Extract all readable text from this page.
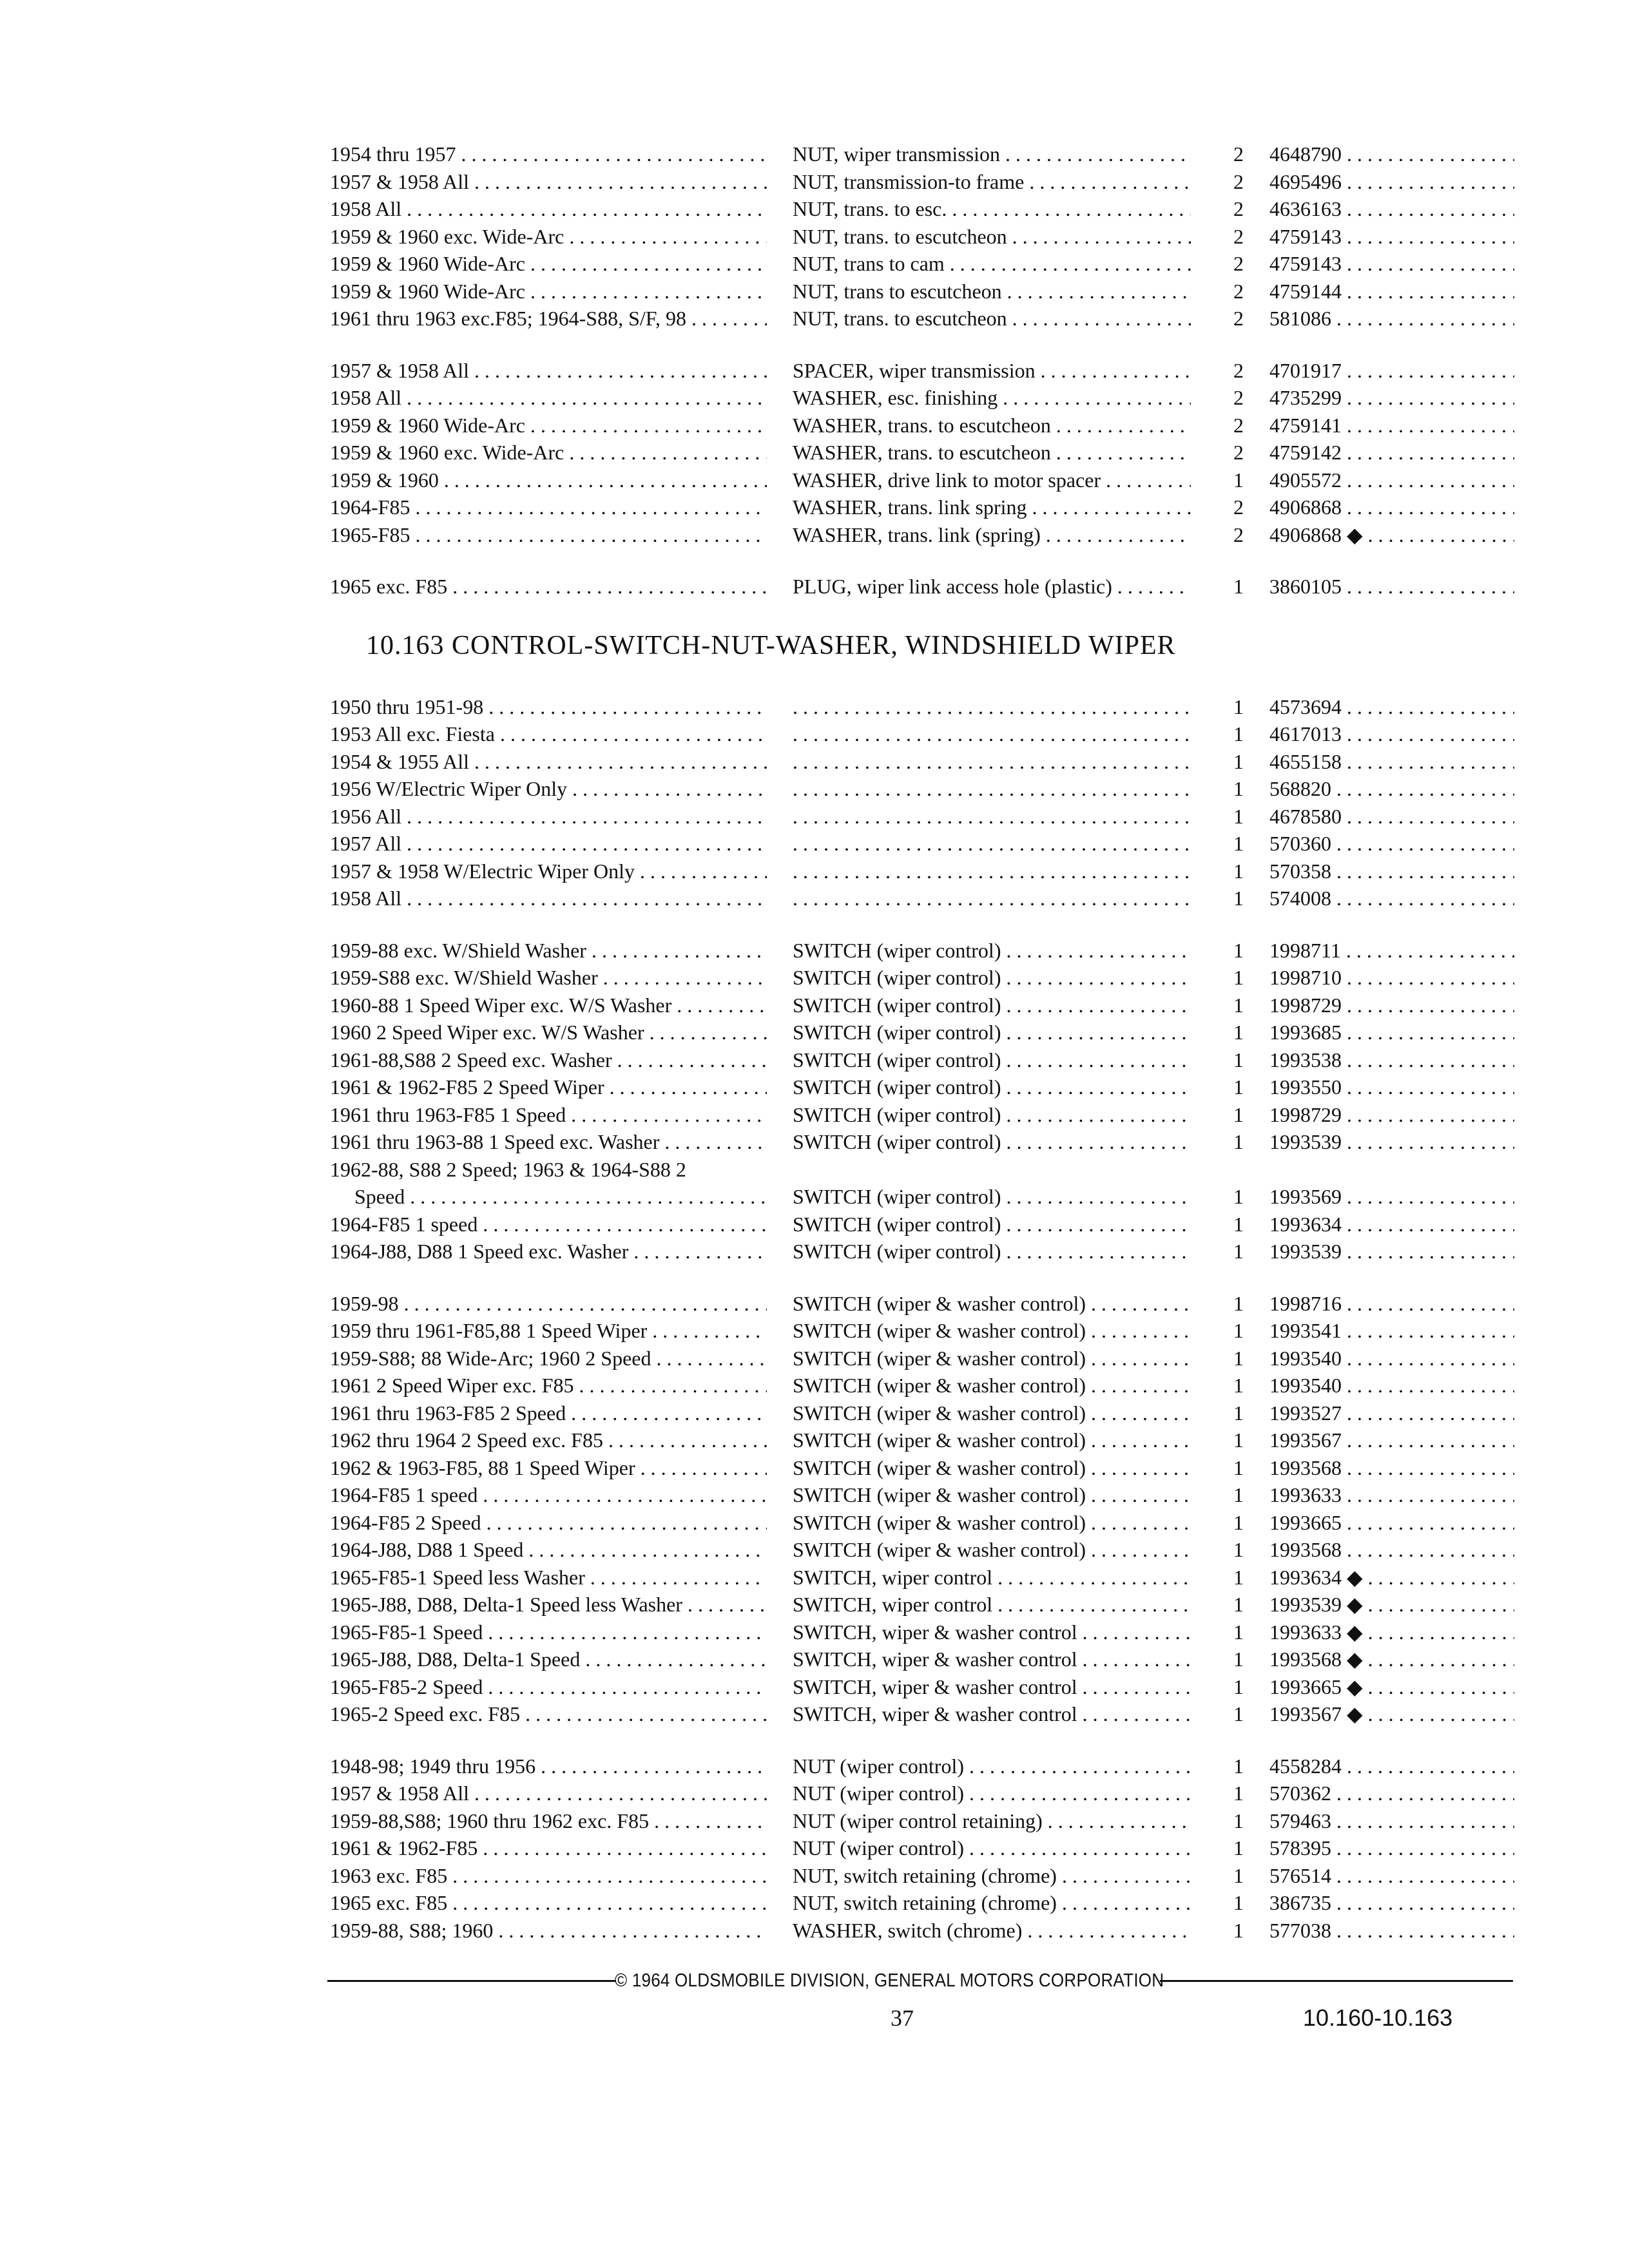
1954 thru 1957 . . .	NUT, wiper transmission . . .	2	4648790 . . .
1957 & 1958 All . . .	NUT, transmission-to frame . . .	2	4695496 . . .
1958 All . . .	NUT, trans. to esc. . . .	2	4636163 . . .
1959 & 1960 exc. Wide-Arc . . .	NUT, trans. to escutcheon . . .	2	4759143 . . .
1959 & 1960 Wide-Arc . . .	NUT, trans to cam . . .	2	4759143 . . .
1959 & 1960 Wide-Arc . . .	NUT, trans to escutcheon . . .	2	4759144 . . .
1961 thru 1963 exc.F85; 1964-S88, S/F, 98 . . .	NUT, trans. to escutcheon . . .	2	581086 . . .
1957 & 1958 All . . .	SPACER, wiper transmission . . .	2	4701917 . . .
1958 All . . .	WASHER, esc. finishing . . .	2	4735299 . . .
1959 & 1960 Wide-Arc . . .	WASHER, trans. to escutcheon . . .	2	4759141 . . .
1959 & 1960 exc. Wide-Arc . . .	WASHER, trans. to escutcheon . . .	2	4759142 . . .
1959 & 1960 . . .	WASHER, drive link to motor spacer . . .	1	4905572 . . .
1964-F85 . . .	WASHER, trans. link spring . . .	2	4906868 . . .
1965-F85 . . .	WASHER, trans. link (spring) . . .	2	4906868 ◆ . . .
1965 exc. F85 . . .	PLUG, wiper link access hole (plastic) . . .	1	3860105 . . .
10.163 CONTROL-SWITCH-NUT-WASHER, WINDSHIELD WIPER
1950 thru 1951-98 . . . . . .	1	4573694 . . .
1953 All exc. Fiesta . . . . . .	1	4617013 . . .
1954 & 1955 All . . . . . .	1	4655158 . . .
1956 W/Electric Wiper Only . . . . . .	1	568820 . . .
1956 All . . . . . .	1	4678580 . . .
1957 All . . . . . .	1	570360 . . .
1957 & 1958 W/Electric Wiper Only . . . . . .	1	570358 . . .
1958 All . . . . . .	1	574008 . . .
1959-88 exc. W/Shield Washer . . .	SWITCH (wiper control) . . .	1	1998711 . . .
1959-S88 exc. W/Shield Washer . . .	SWITCH (wiper control) . . .	1	1998710 . . .
1960-88 1 Speed Wiper exc. W/S Washer . . .	SWITCH (wiper control) . . .	1	1998729 . . .
1960 2 Speed Wiper exc. W/S Washer . . .	SWITCH (wiper control) . . .	1	1993685 . . .
1961-88,S88 2 Speed exc. Washer . . .	SWITCH (wiper control) . . .	1	1993538 . . .
1961 & 1962-F85 2 Speed Wiper . . .	SWITCH (wiper control) . . .	1	1993550 . . .
1961 thru 1963-F85 1 Speed . . .	SWITCH (wiper control) . . .	1	1998729 . . .
1961 thru 1963-88 1 Speed exc. Washer . . .	SWITCH (wiper control) . . .	1	1993539 . . .
1962-88, S88 2 Speed; 1963 & 1964-S88 2
Speed . . .	SWITCH (wiper control) . . .	1	1993569 . . .
1964-F85 1 speed . . .	SWITCH (wiper control) . . .	1	1993634 . . .
1964-J88, D88 1 Speed exc. Washer . . .	SWITCH (wiper control) . . .	1	1993539 . . .
1959-98 . . .	SWITCH (wiper & washer control) . . .	1	1998716 . . .
1959 thru 1961-F85,88 1 Speed Wiper . . .	SWITCH (wiper & washer control) . . .	1	1993541 . . .
1959-S88; 88 Wide-Arc; 1960 2 Speed . . .	SWITCH (wiper & washer control) . . .	1	1993540 . . .
1961 2 Speed Wiper exc. F85 . . .	SWITCH (wiper & washer control) . . .	1	1993540 . . .
1961 thru 1963-F85 2 Speed . . .	SWITCH (wiper & washer control) . . .	1	1993527 . . .
1962 thru 1964 2 Speed exc. F85 . . .	SWITCH (wiper & washer control) . . .	1	1993567 . . .
1962 & 1963-F85, 88 1 Speed Wiper . . .	SWITCH (wiper & washer control) . . .	1	1993568 . . .
1964-F85 1 speed . . .	SWITCH (wiper & washer control) . . .	1	1993633 . . .
1964-F85 2 Speed . . .	SWITCH (wiper & washer control) . . .	1	1993665 . . .
1964-J88, D88 1 Speed . . .	SWITCH (wiper & washer control) . . .	1	1993568 . . .
1965-F85-1 Speed less Washer . . .	SWITCH, wiper control . . .	1	1993634 ◆ . . .
1965-J88, D88, Delta-1 Speed less Washer . . .	SWITCH, wiper control . . .	1	1993539 ◆ . . .
1965-F85-1 Speed . . .	SWITCH, wiper & washer control . . .	1	1993633 ◆ . . .
1965-J88, D88, Delta-1 Speed . . .	SWITCH, wiper & washer control . . .	1	1993568 ◆ . . .
1965-F85-2 Speed . . .	SWITCH, wiper & washer control . . .	1	1993665 ◆ . . .
1965-2 Speed exc. F85 . . .	SWITCH, wiper & washer control . . .	1	1993567 ◆ . . .
1948-98; 1949 thru 1956 . . .	NUT (wiper control) . . .	1	4558284 . . .
1957 & 1958 All . . .	NUT (wiper control) . . .	1	570362 . . .
1959-88,S88; 1960 thru 1962 exc. F85 . . .	NUT (wiper control retaining) . . .	1	579463 . . .
1961 & 1962-F85 . . .	NUT (wiper control) . . .	1	578395 . . .
1963 exc. F85 . . .	NUT, switch retaining (chrome) . . .	1	576514 . . .
1965 exc. F85 . . .	NUT, switch retaining (chrome) . . .	1	386735 . . .
1959-88, S88; 1960 . . .	WASHER, switch (chrome) . . .	1	577038 . . .
© 1964 OLDSMOBILE DIVISION, GENERAL MOTORS CORPORATION
37	10.160-10.163
